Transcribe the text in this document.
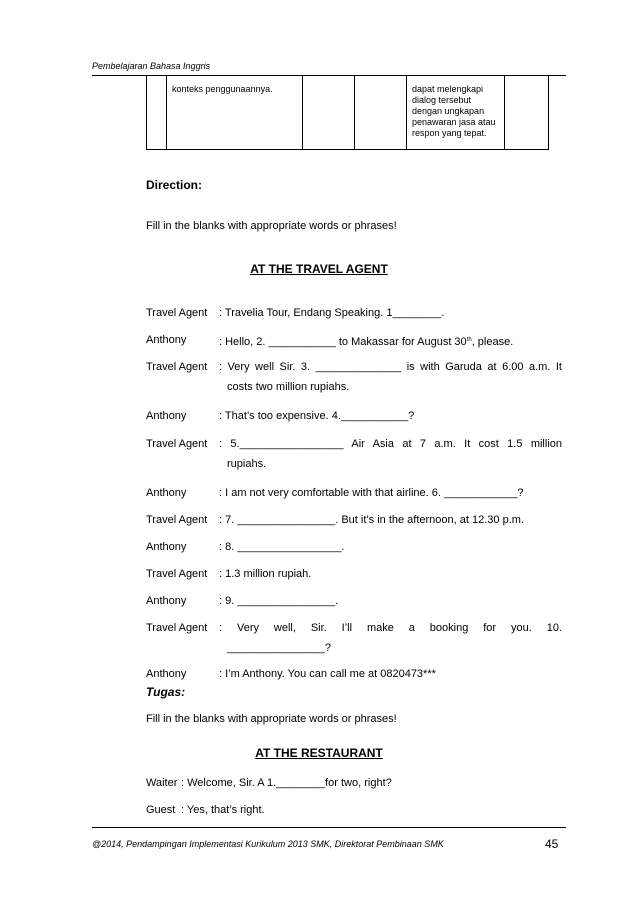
Pembelajaran Bahasa Inggris
	konteks penggunaannya.			dapat melengkapi dialog tersebut dengan ungkapan penawaran jasa atau respon yang tepat.	
Direction:
Fill in the blanks with appropriate words or phrases!
AT THE TRAVEL AGENT
Travel Agent : Travelia Tour, Endang Speaking. 1________.
Anthony	: Hello, 2. ___________ to Makassar for August 30th, please.
Travel Agent : Very well Sir. 3. ______________ is with Garuda at 6.00 a.m. It
costs two million rupiahs.
Anthony	: That’s too expensive. 4.___________?
Travel Agent : 5._________________ Air Asia at 7 a.m. It cost 1.5 million
rupiahs.
Anthony	: I am not very comfortable with that airline. 6. ____________?
Travel Agent : 7. ________________. But it’s in the afternoon, at 12.30 p.m.
Anthony	: 8. _________________.
Travel Agent : 1.3 million rupiah.
Anthony	: 9. ________________.
Travel Agent : Very well, Sir. I’ll make a booking for you. 10.
________________?
Anthony	: I’m Anthony. You can call me at 0820473***
Tugas:
Fill in the blanks with appropriate words or phrases!
AT THE RESTAURANT
Waiter : Welcome, Sir. A 1.________for two, right?
Guest : Yes, that’s right.
@2014, Pendampingan Implementasi Kurikulum 2013 SMK, Direktorat Pembinaan SMK	45
